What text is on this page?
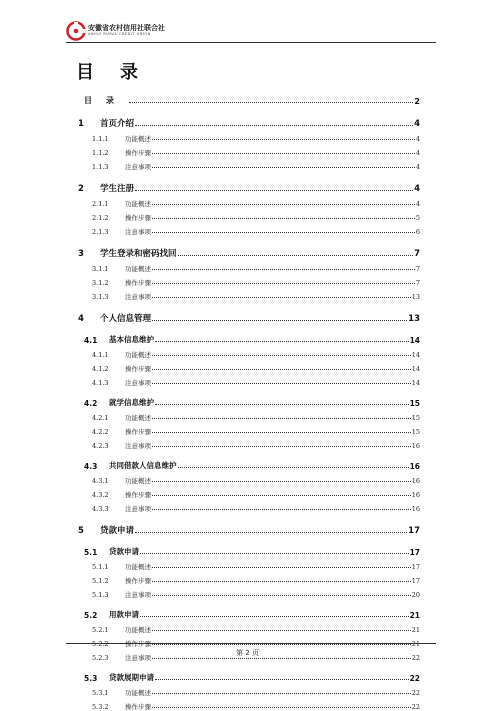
安徽省农村信用社联合社
ANHUI RURAL CREDIT UNION
目录
目录	2
1	首页介绍	4
1.1.1	功能概述	4
1.1.2	操作步骤	4
1.1.3	注意事项	4
2	学生注册	4
2.1.1	功能概述	4
2.1.2	操作步骤	5
2.1.3	注意事项	6
3	学生登录和密码找回	7
3.1.1	功能概述	7
3.1.2	操作步骤	7
3.1.3	注意事项	13
4	个人信息管理	13
4.1	基本信息维护	14
4.1.1	功能概述	14
4.1.2	操作步骤	14
4.1.3	注意事项	14
4.2	就学信息维护	15
4.2.1	功能概述	15
4.2.2	操作步骤	15
4.2.3	注意事项	16
4.3	共同借款人信息维护	16
4.3.1	功能概述	16
4.3.2	操作步骤	16
4.3.3	注意事项	16
5	贷款申请	17
5.1	贷款申请	17
5.1.1	功能概述	17
5.1.2	操作步骤	17
5.1.3	注意事项	20
5.2	用款申请	21
5.2.1	功能概述	21
5.2.2	操作步骤	21
5.2.3	注意事项	22
5.3	贷款展期申请	22
5.3.1	功能概述	22
5.3.2	操作步骤	22
第 2 页
